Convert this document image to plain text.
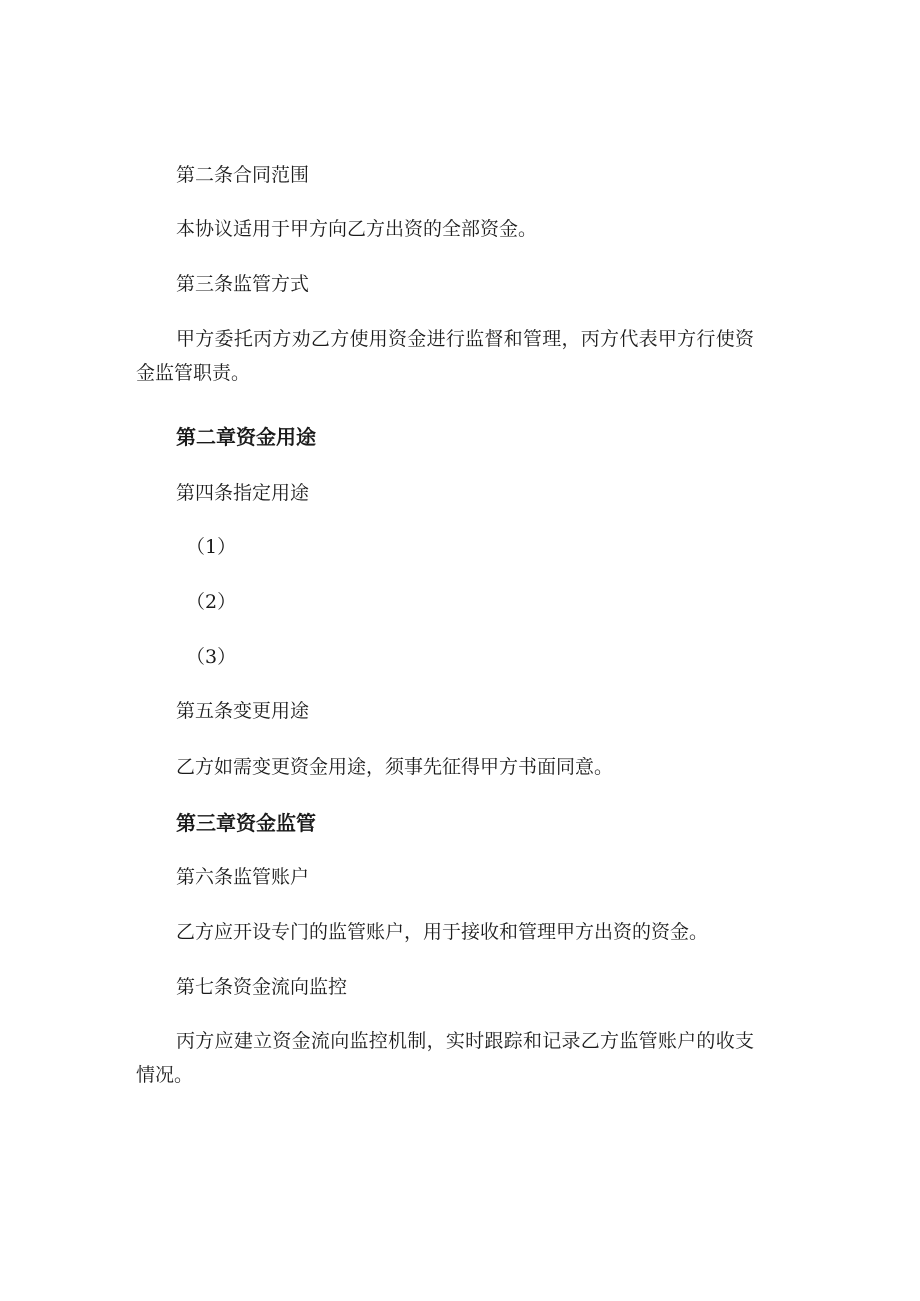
第二条合同范围

本协议适用于甲方向乙方出资的全部资金。

第三条监管方式

甲方委托丙方劝乙方使用资金进行监督和管理，丙方代表甲方行使资金监管职责。

第二章资金用途

第四条指定用途

（1）

（2）

（3）

第五条变更用途

乙方如需变更资金用途，须事先征得甲方书面同意。

第三章资金监管

第六条监管账户

乙方应开设专门的监管账户，用于接收和管理甲方出资的资金。

第七条资金流向监控

丙方应建立资金流向监控机制，实时跟踪和记录乙方监管账户的收支情况。
